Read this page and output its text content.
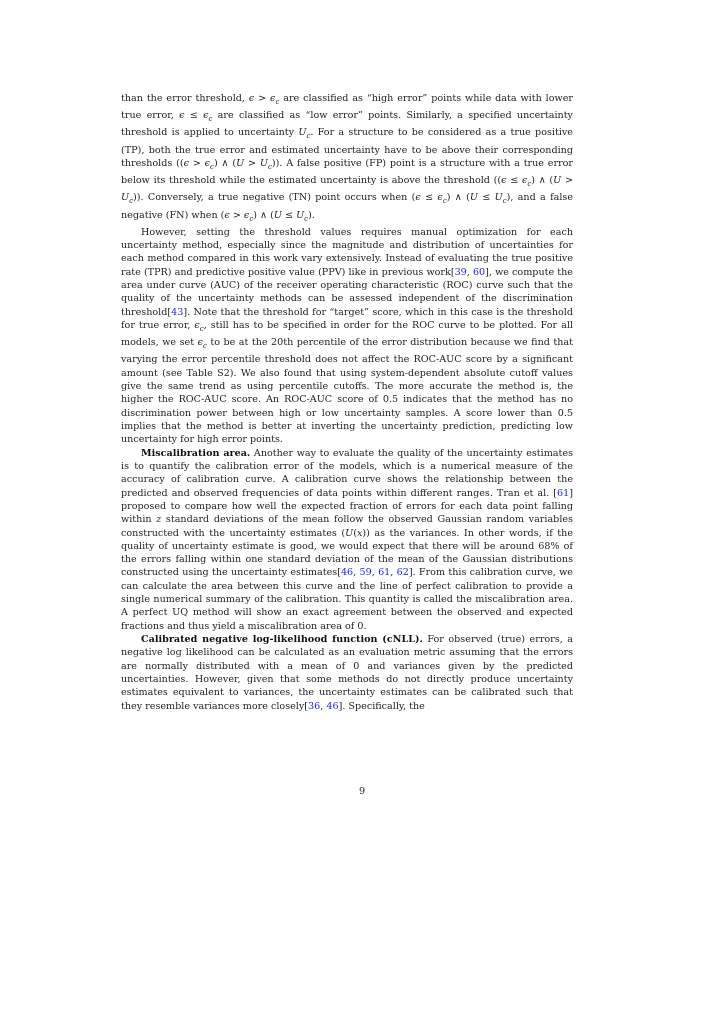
than the error threshold, $\epsilon > \epsilon_c$ are classified as “high error” points while data with lower true error, $\epsilon \le \epsilon_c$ are classified as “low error” points. Similarly, a specified uncertainty threshold is applied to uncertainty $U_c$. For a structure to be considered as a true positive (TP), both the true error and estimated uncertainty have to be above their corresponding thresholds ($(\epsilon > \epsilon_c)$ ∧ $(U > U_c)$). A false positive (FP) point is a structure with a true error below its threshold while the estimated uncertainty is above the threshold ($(\epsilon \le \epsilon_c)$ ∧ $(U > U_c)$). Conversely, a true negative (TN) point occurs when $(\epsilon \le \epsilon_c)$ ∧ $(U \le U_c)$, and a false negative (FN) when $(\epsilon > \epsilon_c)$ ∧ $(U \le U_c)$.

However, setting the threshold values requires manual optimization for each uncertainty method, especially since the magnitude and distribution of uncertainties for each method compared in this work vary extensively. Instead of evaluating the true positive rate (TPR) and predictive positive value (PPV) like in previous work[39, 60], we compute the area under curve (AUC) of the receiver operating characteristic (ROC) curve such that the quality of the uncertainty methods can be assessed independent of the discrimination threshold[43]. Note that the threshold for “target” score, which in this case is the threshold for true error, $\epsilon_c$, still has to be specified in order for the ROC curve to be plotted. For all models, we set $\epsilon_c$ to be at the 20th percentile of the error distribution because we find that varying the error percentile threshold does not affect the ROC-AUC score by a significant amount (see Table S2). We also found that using system-dependent absolute cutoff values give the same trend as using percentile cutoffs. The more accurate the method is, the higher the ROC-AUC score. An ROC-AUC score of 0.5 indicates that the method has no discrimination power between high or low uncertainty samples. A score lower than 0.5 implies that the method is better at inverting the uncertainty prediction, predicting low uncertainty for high error points.

Miscalibration area. Another way to evaluate the quality of the uncertainty estimates is to quantify the calibration error of the models, which is a numerical measure of the accuracy of calibration curve. A calibration curve shows the relationship between the predicted and observed frequencies of data points within different ranges. Tran et al. [61] proposed to compare how well the expected fraction of errors for each data point falling within z standard deviations of the mean follow the observed Gaussian random variables constructed with the uncertainty estimates (U(x)) as the variances. In other words, if the quality of uncertainty estimate is good, we would expect that there will be around 68% of the errors falling within one standard deviation of the mean of the Gaussian distributions constructed using the uncertainty estimates[46, 59, 61, 62]. From this calibration curve, we can calculate the area between this curve and the line of perfect calibration to provide a single numerical summary of the calibration. This quantity is called the miscalibration area. A perfect UQ method will show an exact agreement between the observed and expected fractions and thus yield a miscalibration area of 0.

Calibrated negative log-likelihood function (cNLL). For observed (true) errors, a negative log likelihood can be calculated as an evaluation metric assuming that the errors are normally distributed with a mean of 0 and variances given by the predicted uncertainties. However, given that some methods do not directly produce uncertainty estimates equivalent to variances, the uncertainty estimates can be calibrated such that they resemble variances more closely[36, 46]. Specifically, the

9
